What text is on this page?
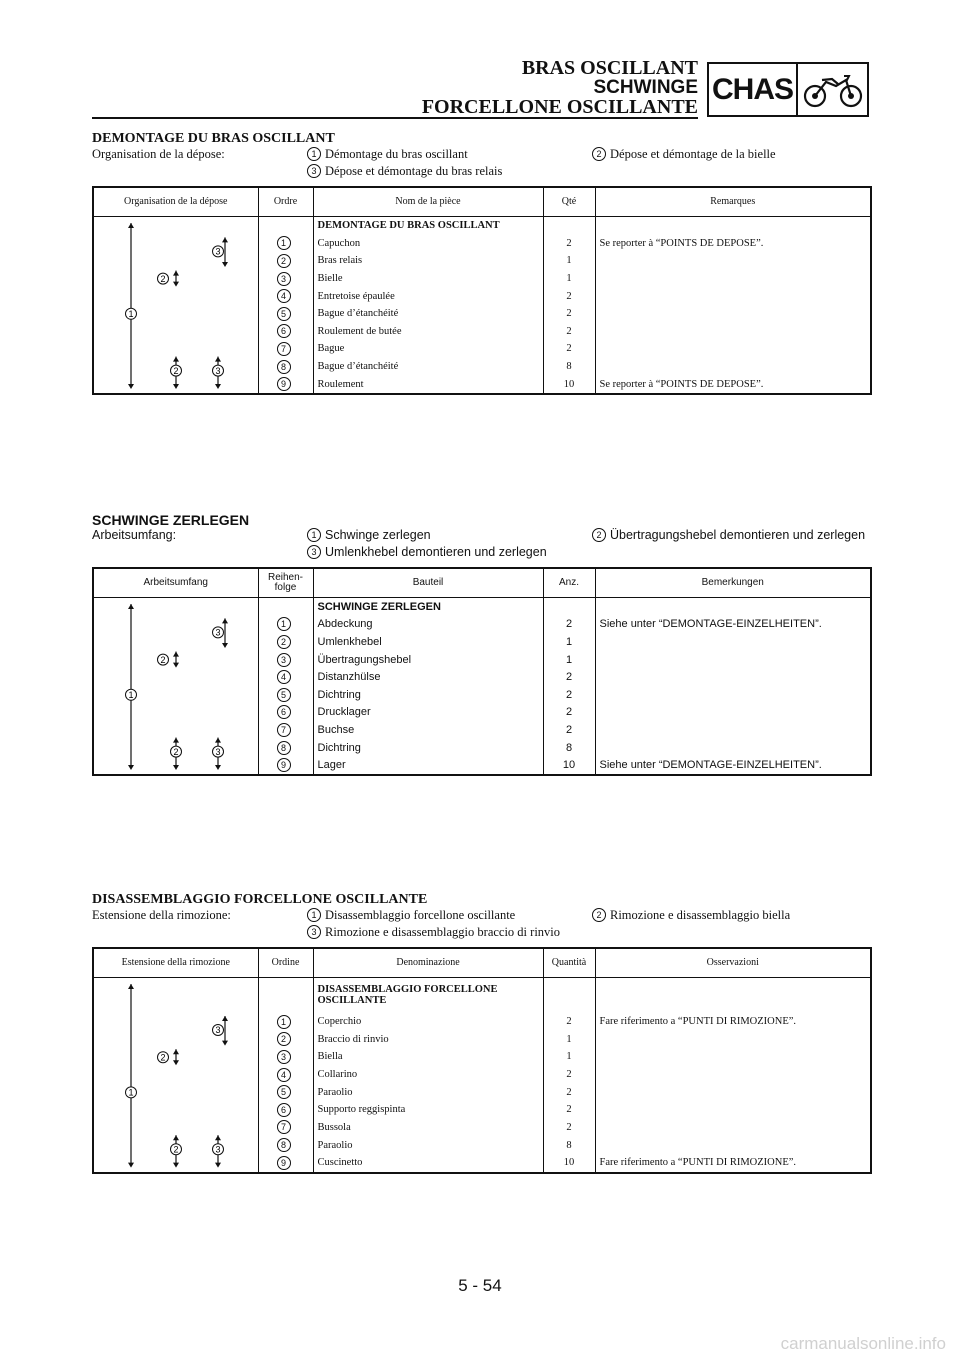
BRAS OSCILLANT
SCHWINGE
FORCELLONE OSCILLANTE
CHAS
DEMONTAGE DU BRAS OSCILLANT
Organisation de la dépose:	1 Démontage du bras oscillant	2 Dépose et démontage de la bielle
3 Dépose et démontage du bras relais
Organisation de la dépose	Ordre	Nom de la pièce	Qté	Remarques

1
3
2
2 3		DEMONTAGE DU BRAS OSCILLANT		
	1	Capuchon	2	Se reporter à “POINTS DE DEPOSE”.
	2	Bras relais	1	
	3	Bielle	1	
	4	Entretoise épaulée	2	
	5	Bague d’étanchéité	2	
	6	Roulement de butée	2	
	7	Bague	2	
	8	Bague d’étanchéité	8	
	9	Roulement	10	Se reporter à “POINTS DE DEPOSE”.
SCHWINGE ZERLEGEN
Arbeitsumfang:	1 Schwinge zerlegen	2 Übertragungshebel demontieren und zerlegen
3 Umlenkhebel demontieren und zerlegen
Arbeitsumfang	Reihen-
folge	Bauteil	Anz.	Bemerkungen

1
3
2
2 3		SCHWINGE ZERLEGEN		
	1	Abdeckung	2	Siehe unter “DEMONTAGE-EINZELHEITEN”.
	2	Umlenkhebel	1	
	3	Übertragungshebel	1	
	4	Distanzhülse	2	
	5	Dichtring	2	
	6	Drucklager	2	
	7	Buchse	2	
	8	Dichtring	8	
	9	Lager	10	Siehe unter “DEMONTAGE-EINZELHEITEN”.
DISASSEMBLAGGIO FORCELLONE OSCILLANTE
Estensione della rimozione:	1 Disassemblaggio forcellone oscillante	2 Rimozione e disassemblaggio biella
3 Rimozione e disassemblaggio braccio di rinvio
Estensione della rimozione	Ordine	Denominazione	Quantità	Osservazioni

1
3
2
2 3		DISASSEMBLAGGIO FORCELLONE OSCILLANTE		
	1	Coperchio	2	Fare riferimento a “PUNTI DI RIMOZIONE”.
	2	Braccio di rinvio	1	
	3	Biella	1	
	4	Collarino	2	
	5	Paraolio	2	
	6	Supporto reggispinta	2	
	7	Bussola	2	
	8	Paraolio	8	
	9	Cuscinetto	10	Fare riferimento a “PUNTI DI RIMOZIONE”.
5 - 54
carmanualsonline.info
